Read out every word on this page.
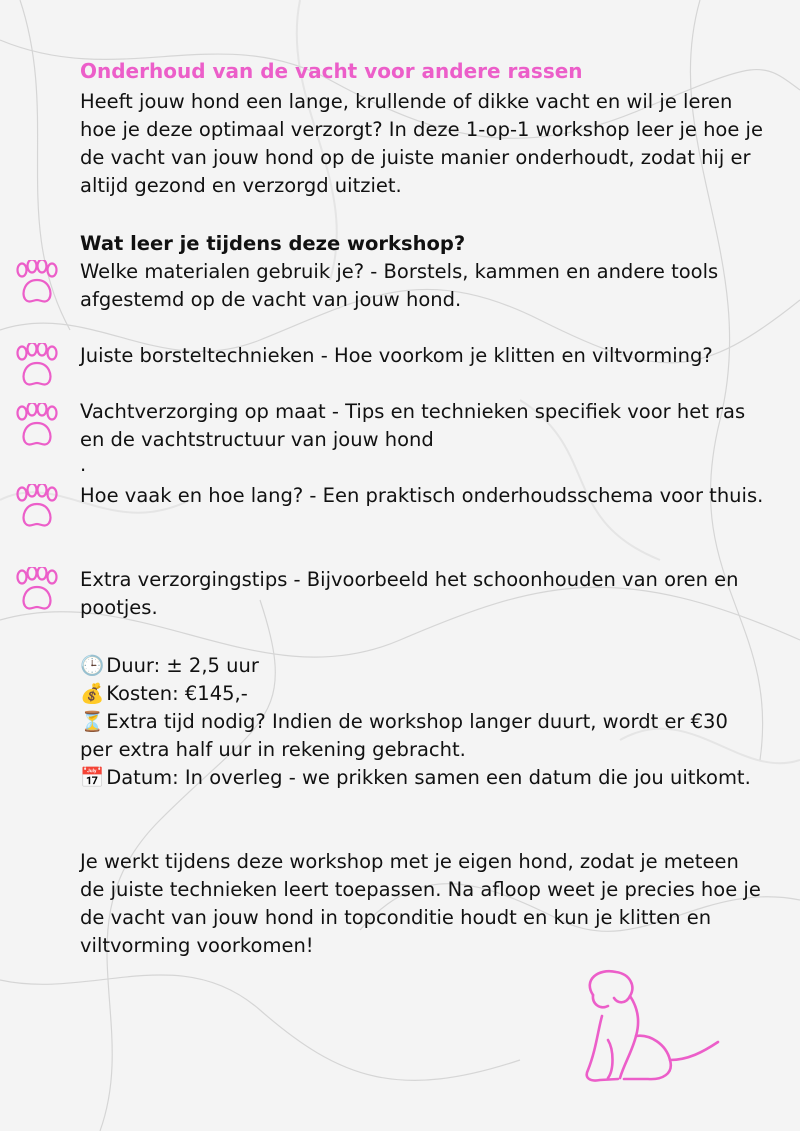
Onderhoud van de vacht voor andere rassen
Heeft jouw hond een lange, krullende of dikke vacht en wil je leren hoe je deze optimaal verzorgt? In deze 1-op-1 workshop leer je hoe je de vacht van jouw hond op de juiste manier onderhoudt, zodat hij er altijd gezond en verzorgd uitziet.
Wat leer je tijdens deze workshop?
Welke materialen gebruik je? - Borstels, kammen en andere tools afgestemd op de vacht van jouw hond.
Juiste borsteltechnieken - Hoe voorkom je klitten en viltvorming?
Vachtverzorging op maat - Tips en technieken specifiek voor het ras en de vachtstructuur van jouw hond
.
Hoe vaak en hoe lang? - Een praktisch onderhoudsschema voor thuis.
Extra verzorgingstips - Bijvoorbeeld het schoonhouden van oren en pootjes.
🕒 Duur: ± 2,5 uur
💰 Kosten: €145,-
⏳ Extra tijd nodig? Indien de workshop langer duurt, wordt er €30 per extra half uur in rekening gebracht.
📅 Datum: In overleg - we prikken samen een datum die jou uitkomt.
Je werkt tijdens deze workshop met je eigen hond, zodat je meteen de juiste technieken leert toepassen. Na afloop weet je precies hoe je de vacht van jouw hond in topconditie houdt en kun je klitten en viltvorming voorkomen!
